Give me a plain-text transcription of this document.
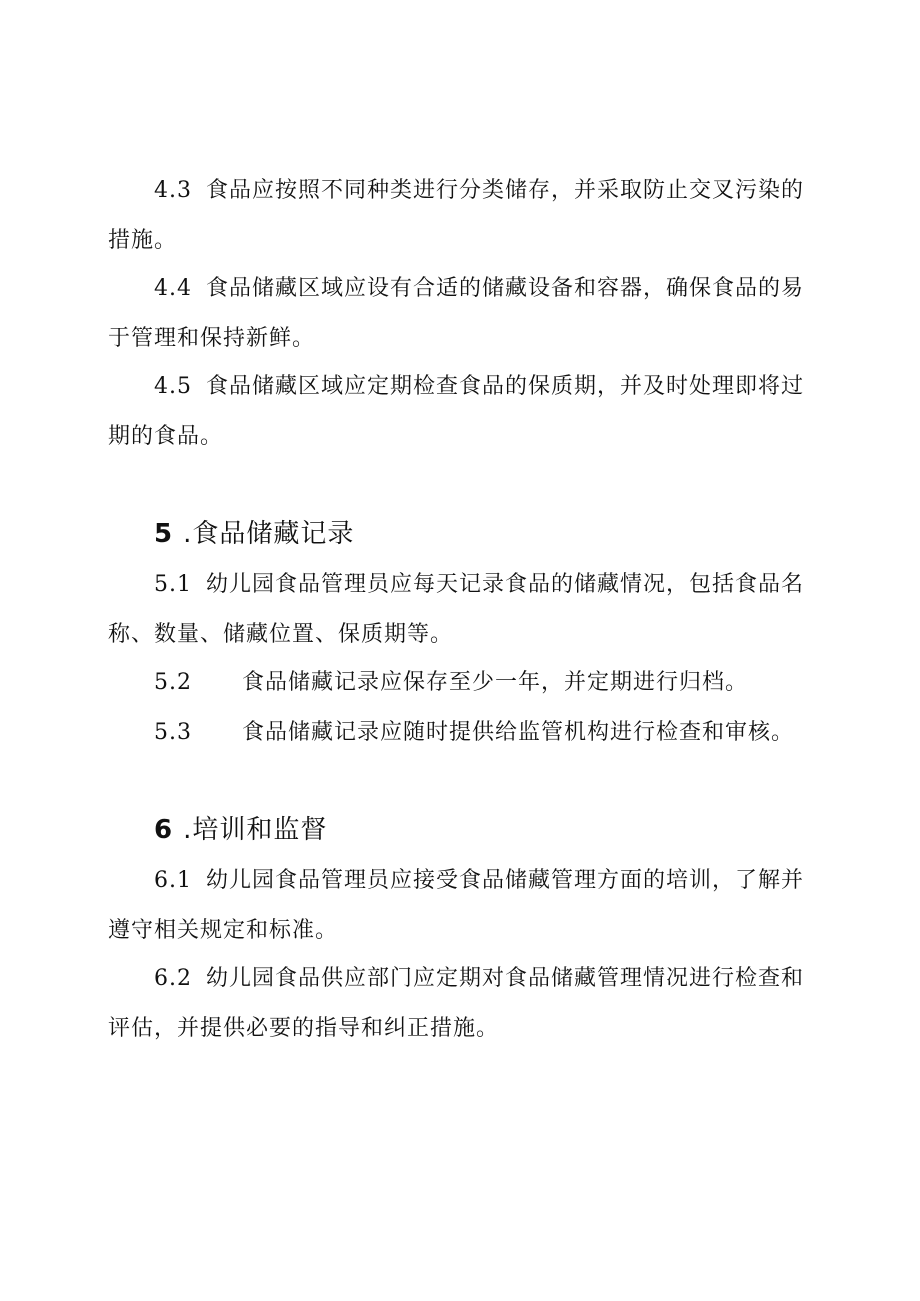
4.3 食品应按照不同种类进行分类储存，并采取防止交叉污染的措施。

4.4 食品储藏区域应设有合适的储藏设备和容器，确保食品的易于管理和保持新鲜。

4.5 食品储藏区域应定期检查食品的保质期，并及时处理即将过期的食品。

5 .食品储藏记录

5.1 幼儿园食品管理员应每天记录食品的储藏情况，包括食品名称、数量、储藏位置、保质期等。

5.2 食品储藏记录应保存至少一年，并定期进行归档。

5.3 食品储藏记录应随时提供给监管机构进行检查和审核。

6 .培训和监督

6.1 幼儿园食品管理员应接受食品储藏管理方面的培训，了解并遵守相关规定和标准。

6.2 幼儿园食品供应部门应定期对食品储藏管理情况进行检查和评估，并提供必要的指导和纠正措施。
